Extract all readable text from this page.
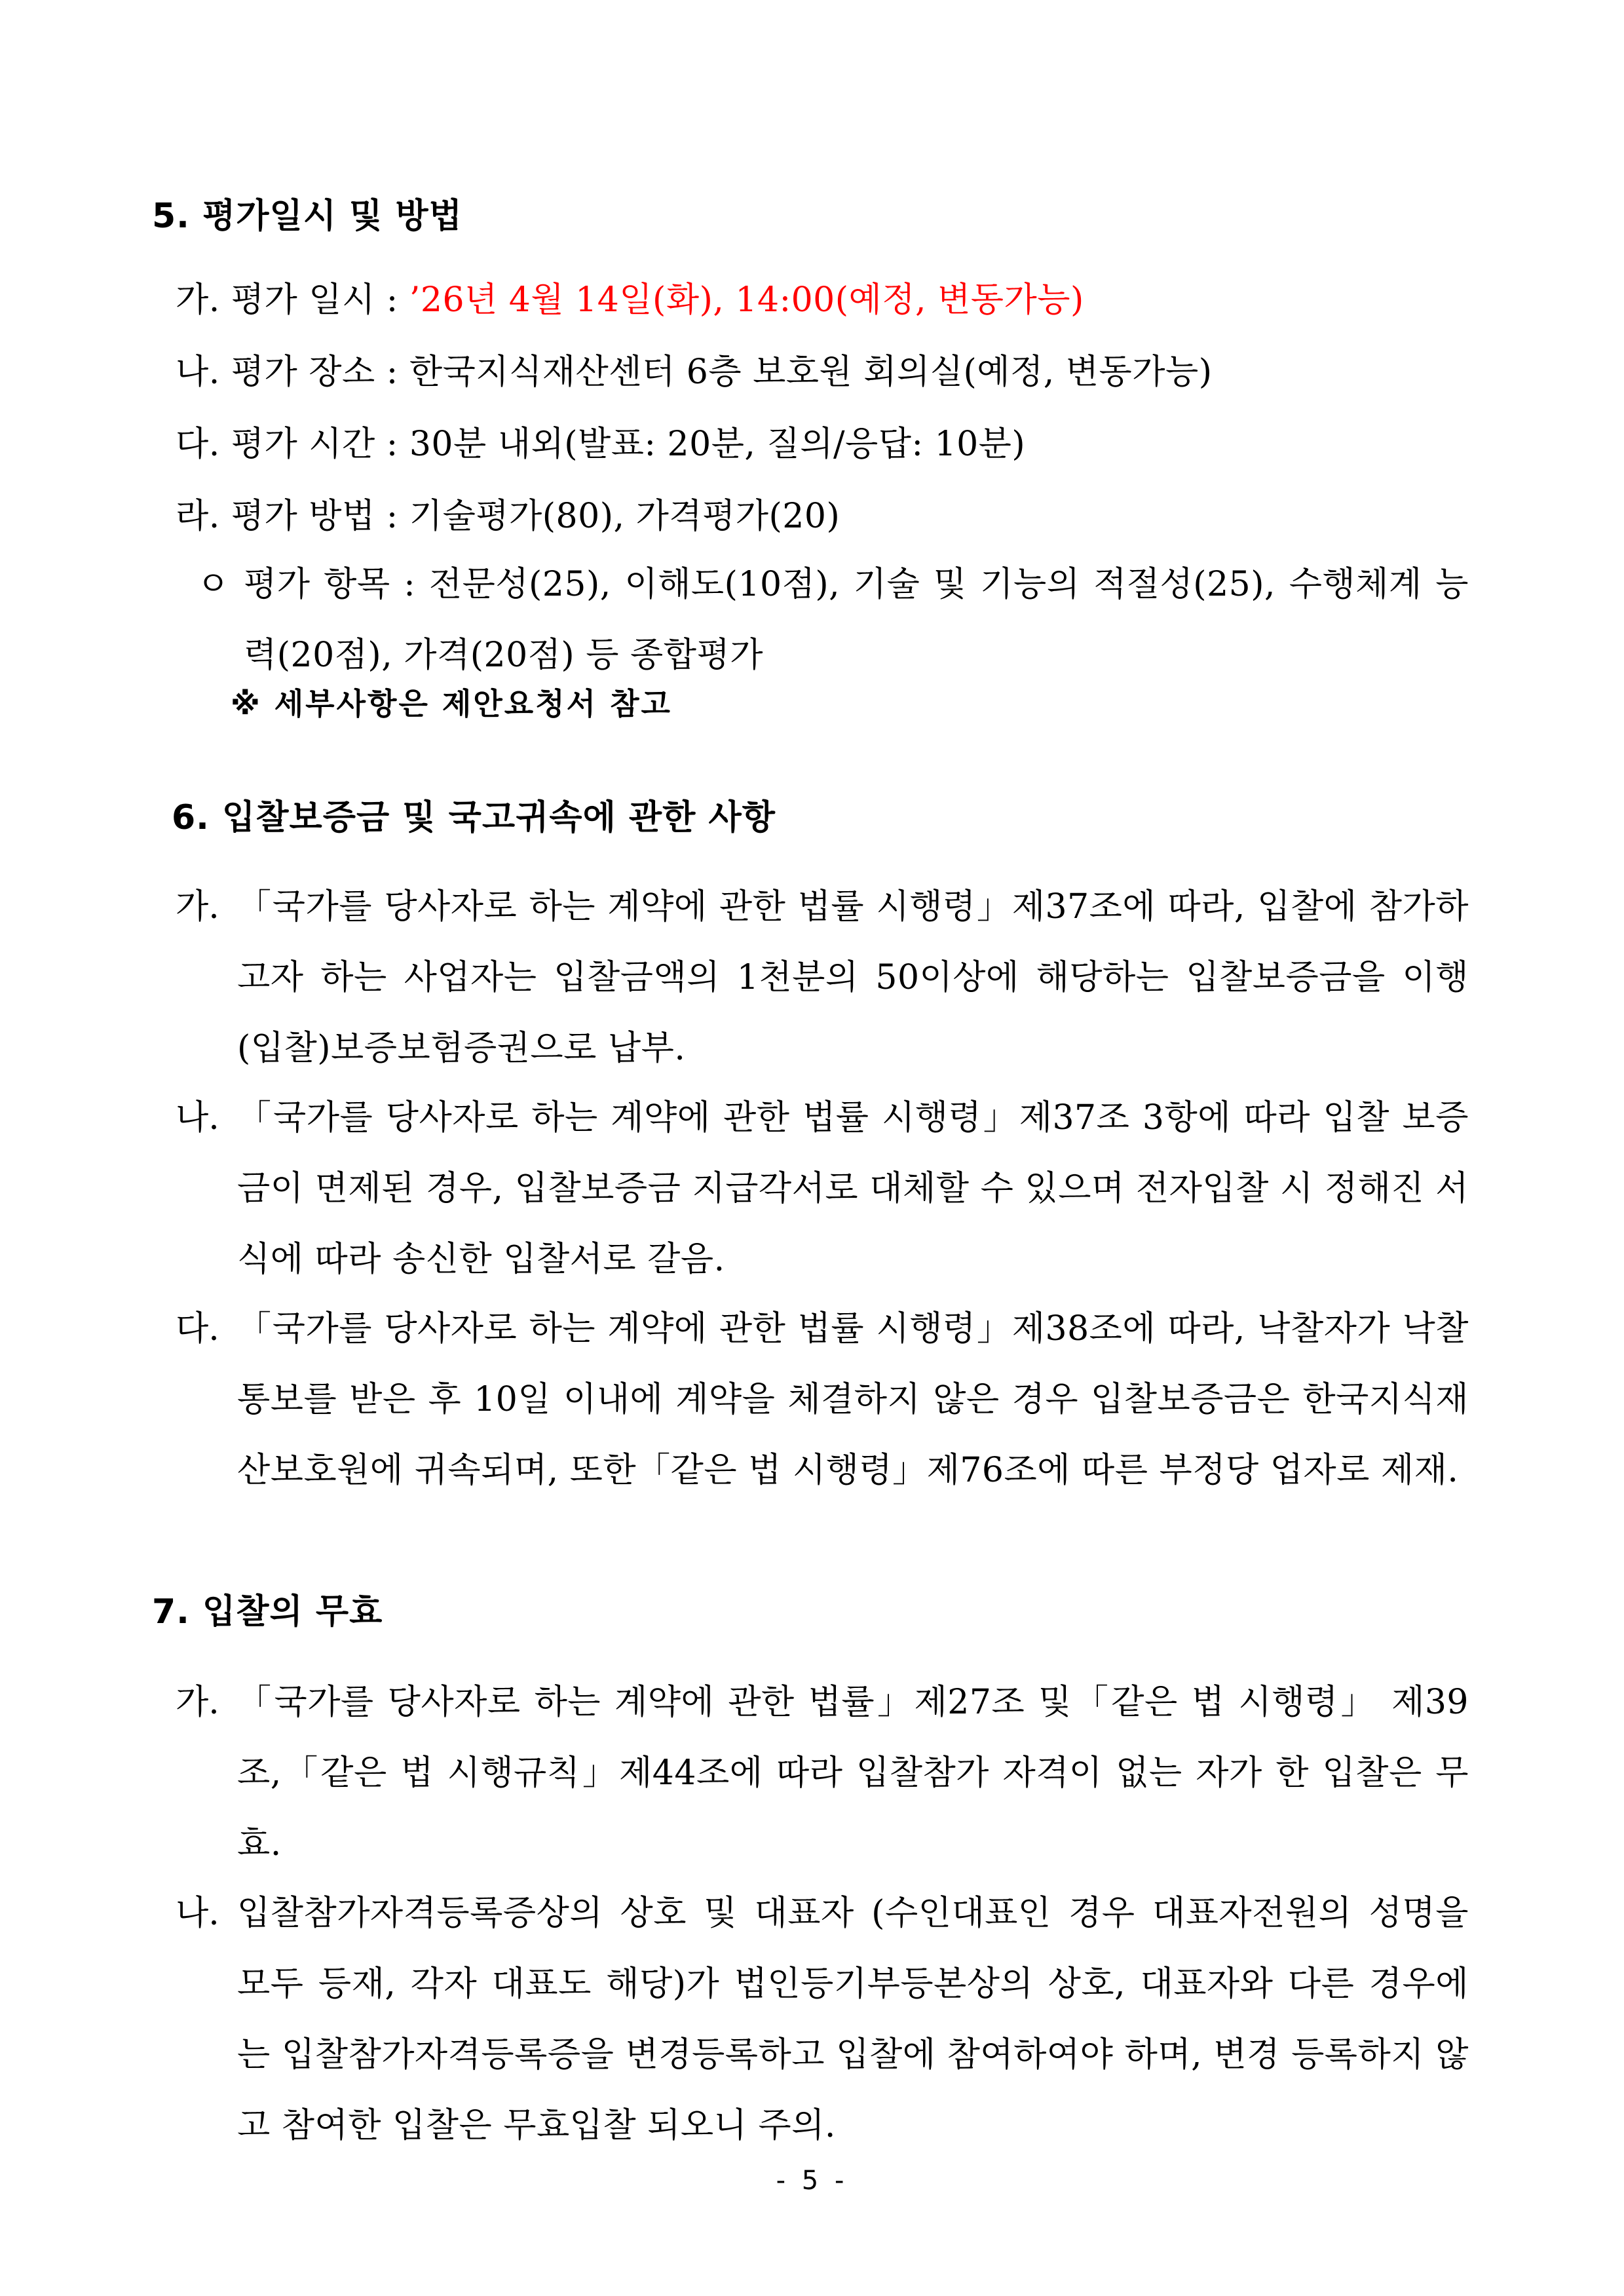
5. 평가일시 및 방법
가. 평가 일시 : ’26년 4월 14일(화), 14:00(예정, 변동가능)
나. 평가 장소 : 한국지식재산센터 6층 보호원 회의실(예정, 변동가능)
다. 평가 시간 : 30분 내외(발표: 20분, 질의/응답: 10분)
라. 평가 방법 : 기술평가(80), 가격평가(20)
ㅇ 평가 항목 : 전문성(25), 이해도(10점), 기술 및 기능의 적절성(25), 수행체계 능력(20점), 가격(20점) 등 종합평가
※ 세부사항은 제안요청서 참고
6. 입찰보증금 및 국고귀속에 관한 사항
가. 「국가를 당사자로 하는 계약에 관한 법률 시행령」제37조에 따라, 입찰에 참가하고자 하는 사업자는 입찰금액의 1천분의 50이상에 해당하는 입찰보증금을 이행(입찰)보증보험증권으로 납부.
나. 「국가를 당사자로 하는 계약에 관한 법률 시행령」제37조 3항에 따라 입찰 보증금이 면제된 경우, 입찰보증금 지급각서로 대체할 수 있으며 전자입찰 시 정해진 서식에 따라 송신한 입찰서로 갈음.
다. 「국가를 당사자로 하는 계약에 관한 법률 시행령」제38조에 따라, 낙찰자가 낙찰통보를 받은 후 10일 이내에 계약을 체결하지 않은 경우 입찰보증금은 한국지식재산보호원에 귀속되며, 또한「같은 법 시행령」제76조에 따른 부정당 업자로 제재.
7. 입찰의 무효
가. 「국가를 당사자로 하는 계약에 관한 법률」제27조 및「같은 법 시행령」 제39조,「같은 법 시행규칙」제44조에 따라 입찰참가 자격이 없는 자가 한 입찰은 무효.
나. 입찰참가자격등록증상의 상호 및 대표자 (수인대표인 경우 대표자전원의 성명을 모두 등재, 각자 대표도 해당)가 법인등기부등본상의 상호, 대표자와 다른 경우에는 입찰참가자격등록증을 변경등록하고 입찰에 참여하여야 하며, 변경 등록하지 않고 참여한 입찰은 무효입찰 되오니 주의.
- 5 -
